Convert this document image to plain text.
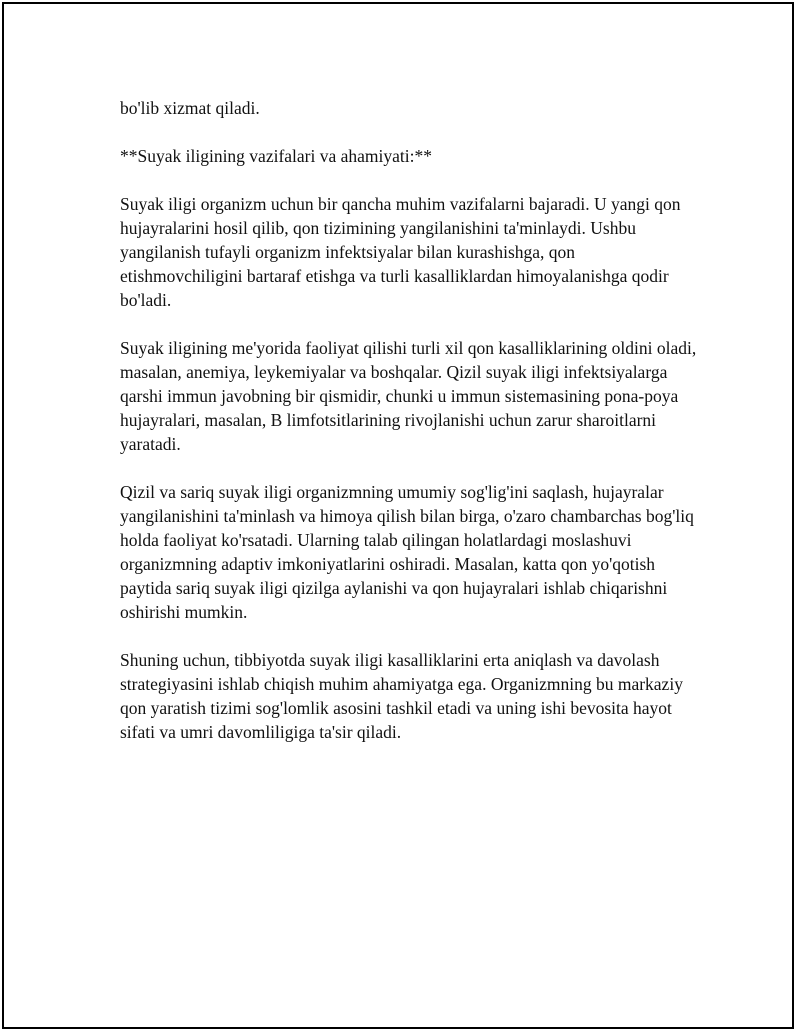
bo'lib xizmat qiladi.

**Suyak iligining vazifalari va ahamiyati:**

Suyak iligi organizm uchun bir qancha muhim vazifalarni bajaradi. U yangi qon hujayralarini hosil qilib, qon tizimining yangilanishini ta'minlaydi. Ushbu yangilanish tufayli organizm infektsiyalar bilan kurashishga, qon etishmovchiligini bartaraf etishga va turli kasalliklardan himoyalanishga qodir bo'ladi.

Suyak iligining me'yorida faoliyat qilishi turli xil qon kasalliklarining oldini oladi, masalan, anemiya, leykemiyalar va boshqalar. Qizil suyak iligi infektsiyalarga qarshi immun javobning bir qismidir, chunki u immun sistemasining pona-poya hujayralari, masalan, B limfotsitlarining rivojlanishi uchun zarur sharoitlarni yaratadi.

Qizil va sariq suyak iligi organizmning umumiy sog'lig'ini saqlash, hujayralar yangilanishini ta'minlash va himoya qilish bilan birga, o'zaro chambarchas bog'liq holda faoliyat ko'rsatadi. Ularning talab qilingan holatlardagi moslashuvi organizmning adaptiv imkoniyatlarini oshiradi. Masalan, katta qon yo'qotish paytida sariq suyak iligi qizilga aylanishi va qon hujayralari ishlab chiqarishni oshirishi mumkin.

Shuning uchun, tibbiyotda suyak iligi kasalliklarini erta aniqlash va davolash strategiyasini ishlab chiqish muhim ahamiyatga ega. Organizmning bu markaziy qon yaratish tizimi sog'lomlik asosini tashkil etadi va uning ishi bevosita hayot sifati va umri davomliligiga ta'sir qiladi.
